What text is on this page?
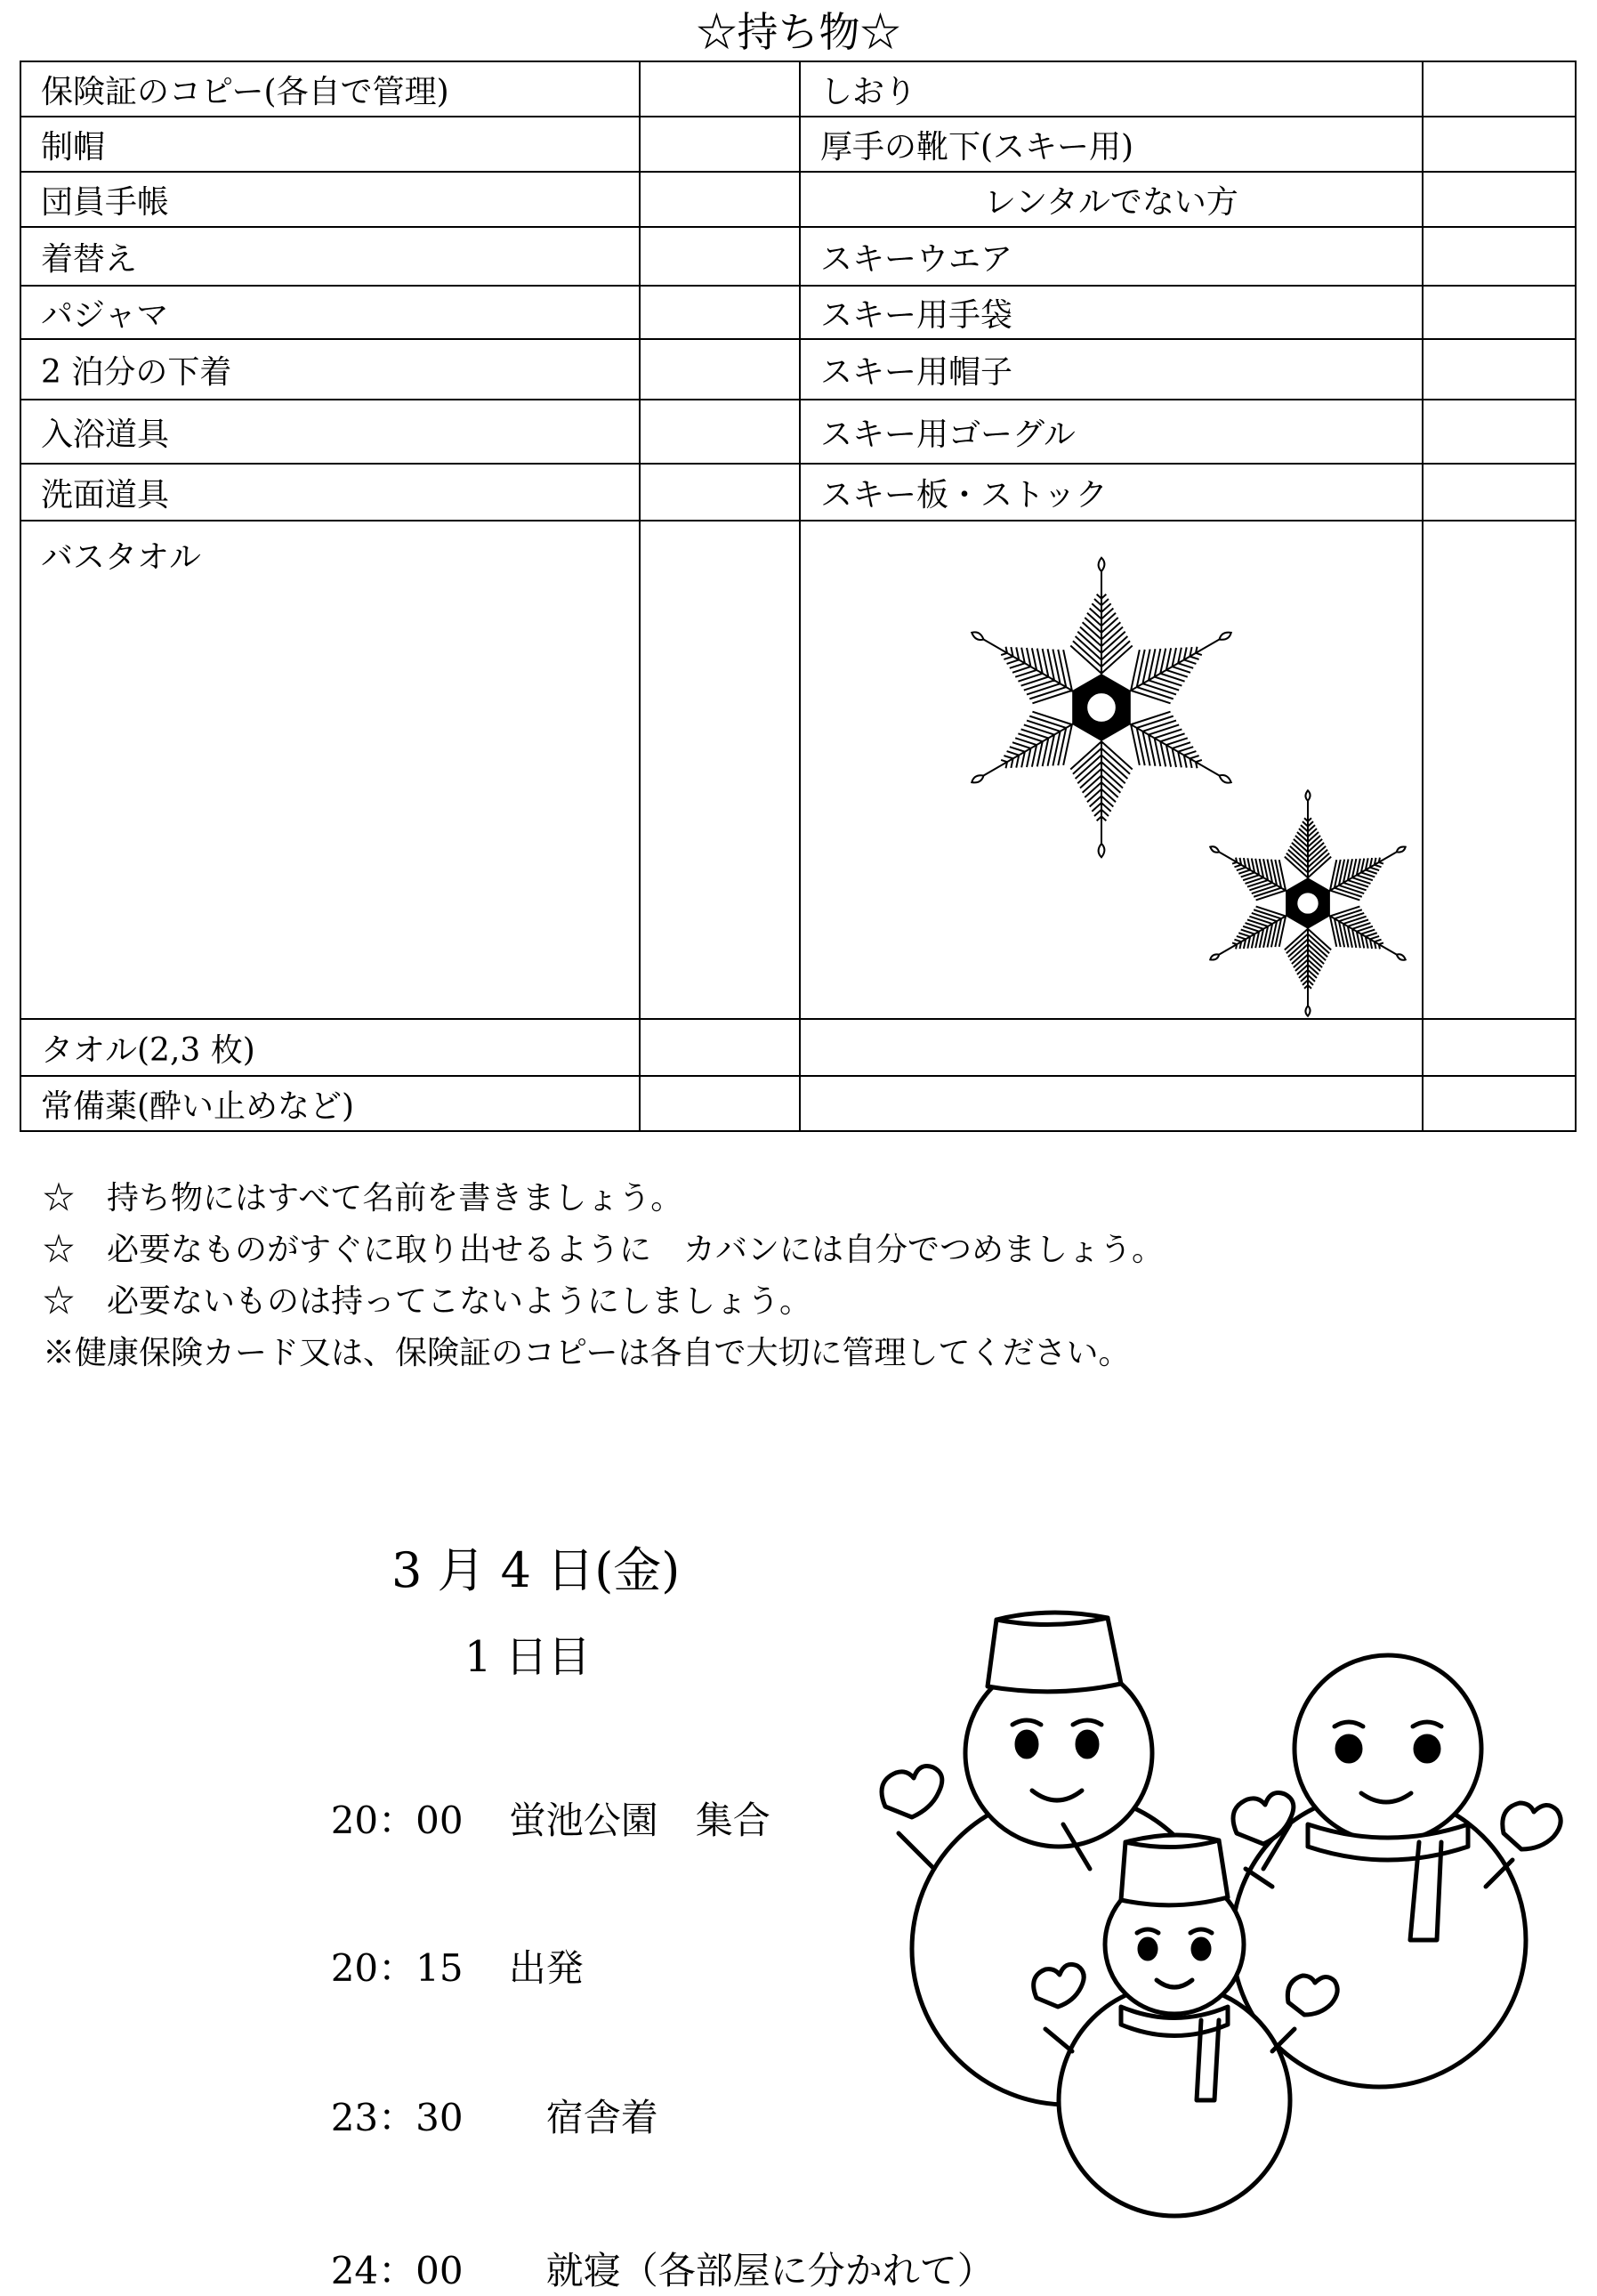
☆持ち物☆
保険証のコピー(各自で管理)		しおり	
制帽		厚手の靴下(スキー用)	
団員手帳		レンタルでない方	
着替え		スキーウエア	
パジャマ		スキー用手袋	
2 泊分の下着		スキー用帽子	
入浴道具		スキー用ゴーグル	
洗面道具		スキー板・ストック	
バスタオル			
タオル(2,3 枚)			
常備薬(酔い止めなど)			
☆　持ち物にはすべて名前を書きましょう。
☆　必要なものがすぐに取り出せるように　カバンには自分でつめましょう。
☆　必要ないものは持ってこないようにしましょう。
※健康保険カード又は、保険証のコピーは各自で大切に管理してください。
3 月 4 日(金)
1 日目

20：00 蛍池公園　集合

20：15 出発

23：30　宿舎着

24：00　就寝（各部屋に分かれて）
